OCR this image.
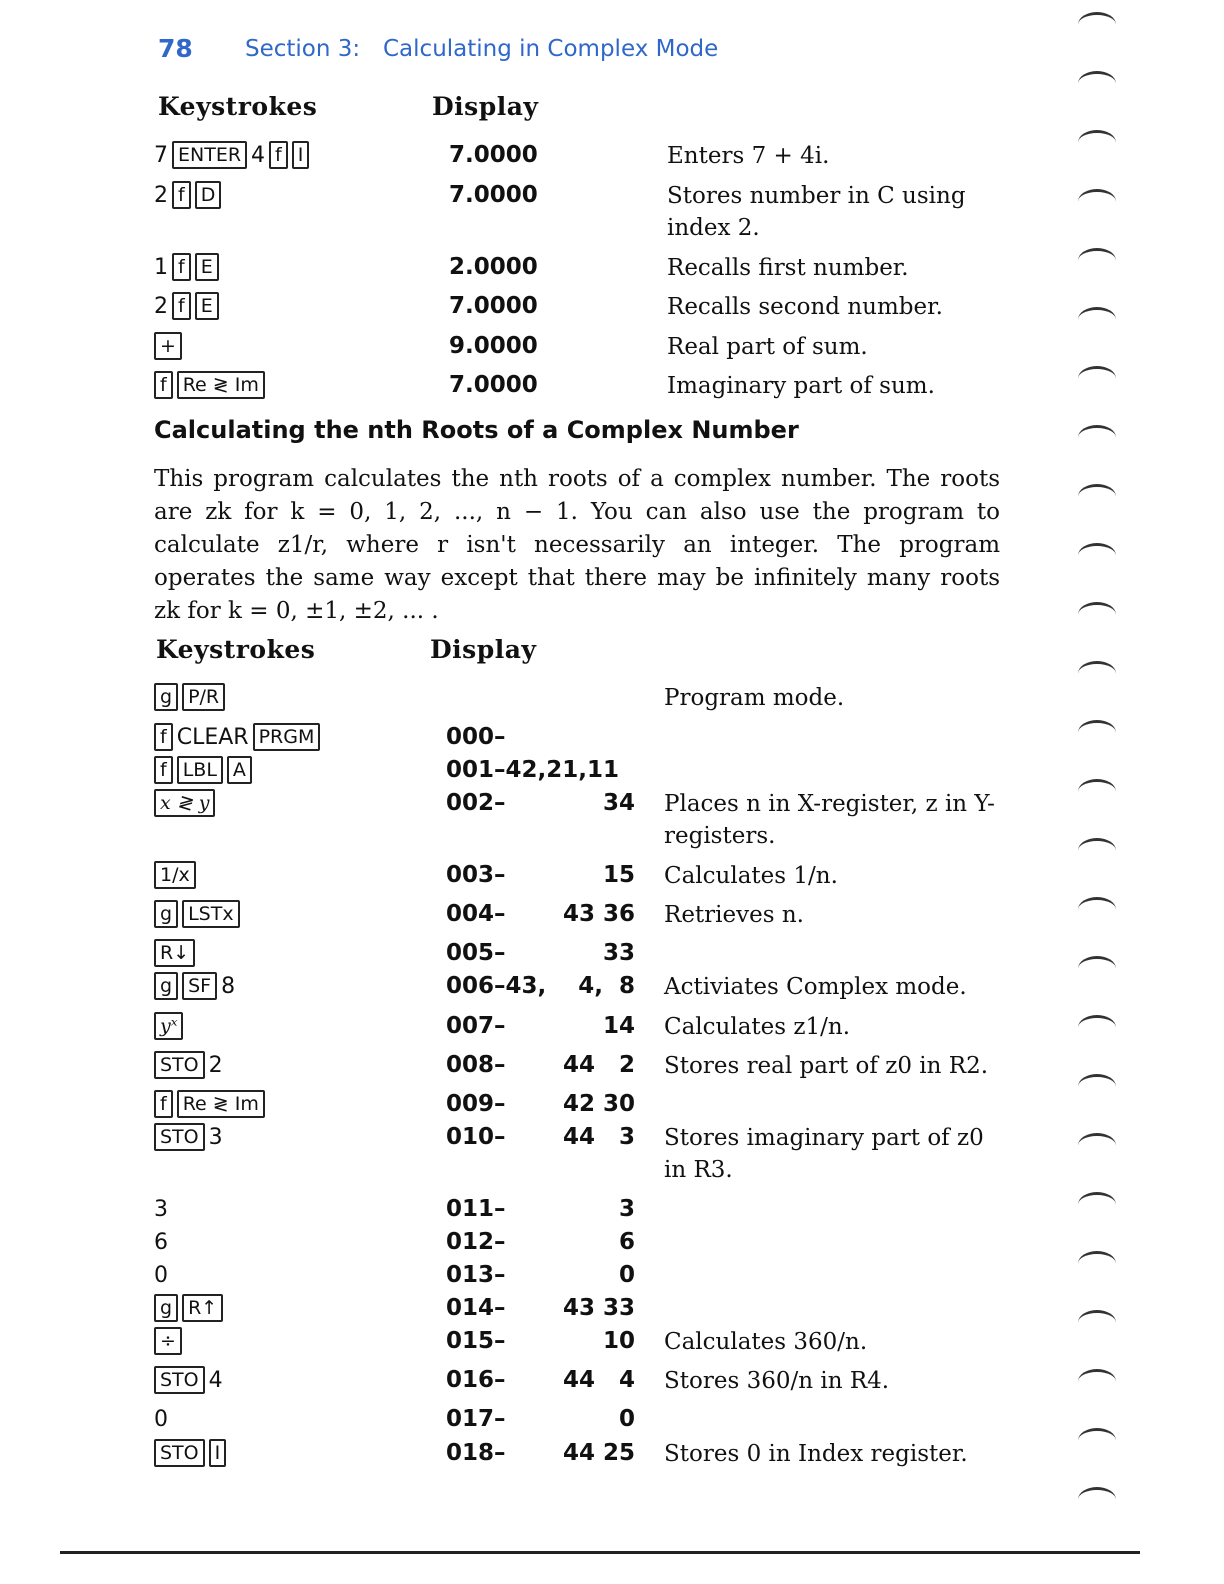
78 Section 3: Calculating in Complex Mode
Keystrokes	Display
7 ENTER 4 f I	7.0000	Enters 7 + 4i.
2 f D	7.0000	Stores number in C using index 2.
1 f E	2.0000	Recalls first number.
2 f E	7.0000	Recalls second number.
+	9.0000	Real part of sum.
f Re ≷ Im	7.0000	Imaginary part of sum.
Calculating the nth Roots of a Complex Number
This program calculates the nth roots of a complex number. The roots are zk for k = 0, 1, 2, ..., n − 1. You can also use the program to calculate z1/r, where r isn't necessarily an integer. The program operates the same way except that there may be infinitely many roots zk for k = 0, ±1, ±2, ... .
Keystrokes	Display
g P/R	Program mode.
f CLEAR PRGM	000–
f LBL A	001–42,21,11
x ≷ y	002–	34 Places n in X-register, z in Y-registers.
1/x	003–	15 Calculates 1/n.
g LSTx	004–	43 36 Retrieves n.
R↓	005–	33
g SF 8	006–43,	4,  8 Activiates Complex mode.
yˣ	007–	14 Calculates z1/n.
STO 2	008–	44   2 Stores real part of z0 in R2.
f Re ≷ Im	009–	42 30
STO 3	010–	44   3 Stores imaginary part of z0 in R3.
3	011–	3
6	012–	6
0	013–	0
g R↑	014–	43 33
÷	015–	10 Calculates 360/n.
STO 4	016–	44   4 Stores 360/n in R4.
0	017–	0
STO I	018–	44 25 Stores 0 in Index register.
